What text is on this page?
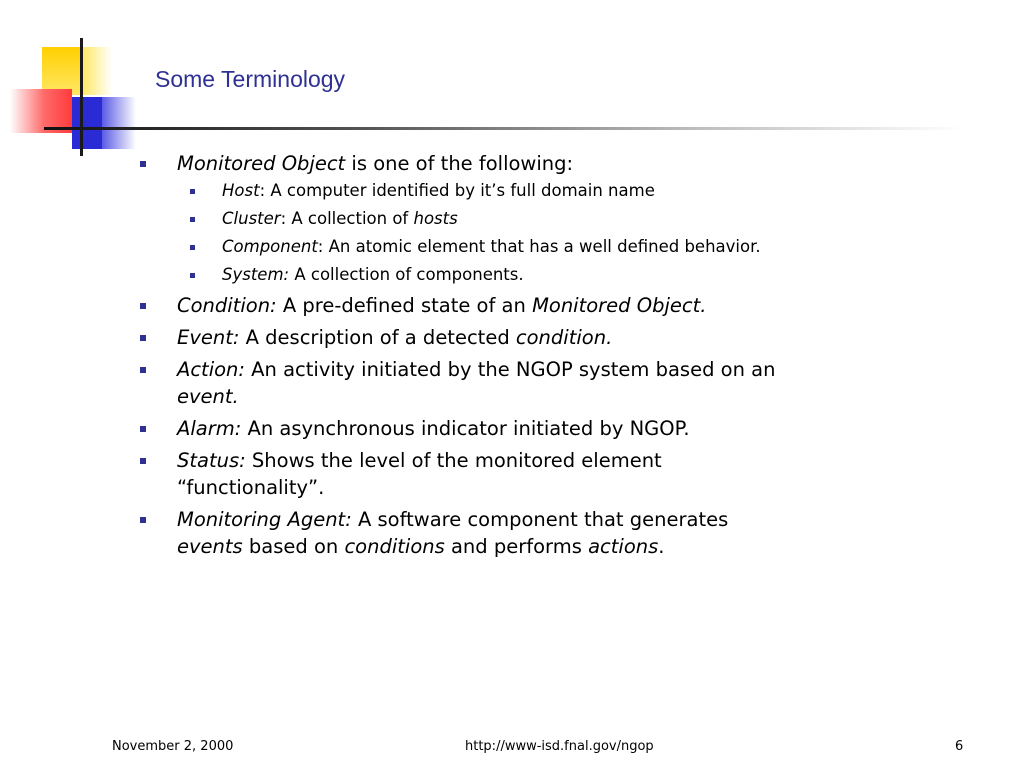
Some Terminology
Monitored Object is one of the following:
Host: A computer identified by it’s full domain name
Cluster: A collection of hosts
Component: An atomic element that has a well defined behavior.
System: A collection of components.
Condition: A pre-defined state of an Monitored Object.
Event: A description of a detected condition.
Action: An activity initiated by the NGOP system based on an event.
Alarm: An asynchronous indicator initiated by NGOP.
Status: Shows the level of the monitored element “functionality”.
Monitoring Agent: A software component that generates events based on conditions and performs actions.
November 2, 2000	http://www-isd.fnal.gov/ngop	6
